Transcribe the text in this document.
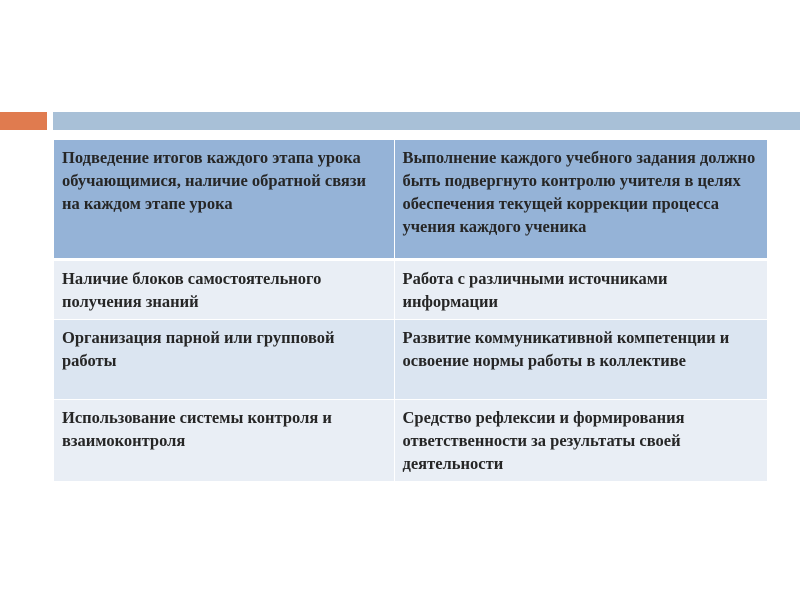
Подведение итогов каждого этапа урока обучающимися, наличие обратной связи на каждом этапе урока	Выполнение каждого учебного задания должно быть подвергнуто контролю учителя в целях обеспечения текущей коррекции процесса учения каждого ученика
Наличие блоков самостоятельного получения знаний	Работа с различными источниками информации
Организация парной или групповой работы	Развитие коммуникативной компетенции и освоение нормы работы в коллективе
Использование системы контроля и взаимоконтроля	Средство рефлексии и формирования ответственности за результаты своей деятельности
